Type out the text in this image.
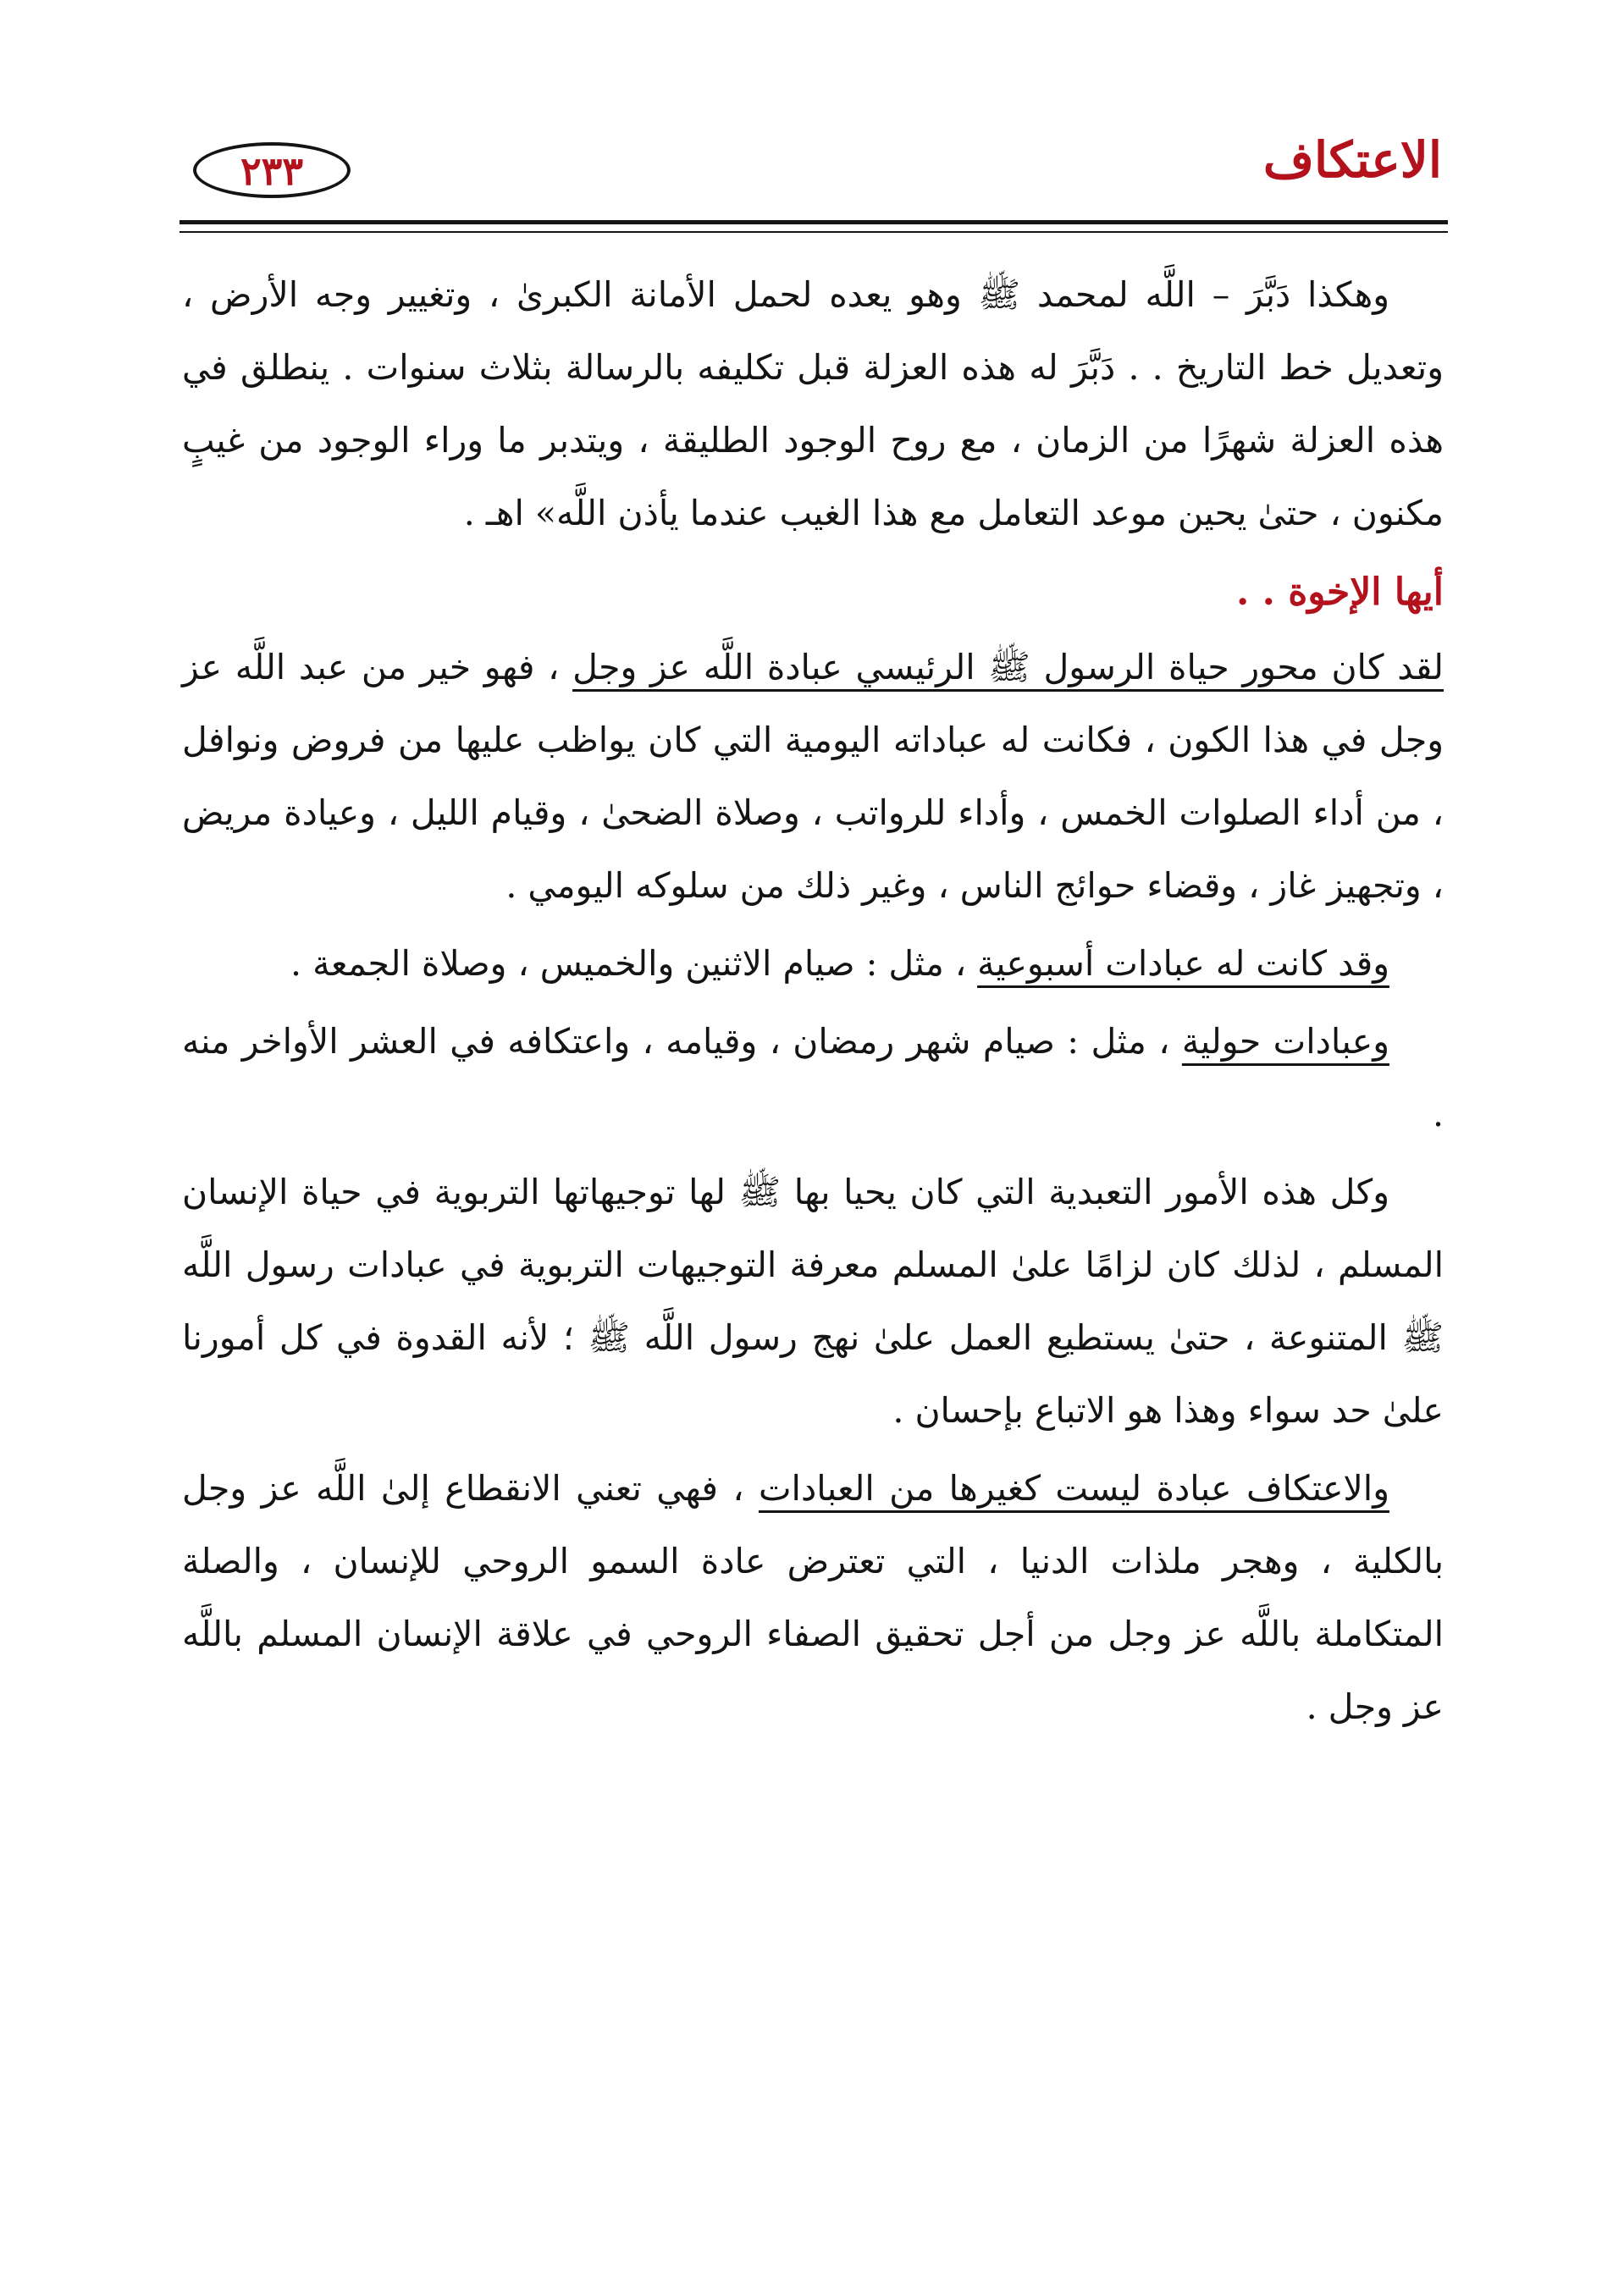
الاعتكاف
٢٣٣

وهكذا دَبَّرَ – اللَّه لمحمد ﷺ وهو يعده لحمل الأمانة الكبرىٰ ، وتغيير وجه الأرض ، وتعديل خط التاريخ . . دَبَّرَ له هذه العزلة قبل تكليفه بالرسالة بثلاث سنوات . ينطلق في هذه العزلة شهرًا من الزمان ، مع روح الوجود الطليقة ، ويتدبر ما وراء الوجود من غيبٍ مكنون ، حتىٰ يحين موعد التعامل مع هذا الغيب عندما يأذن اللَّه» اهـ .

أيها الإخوة . .

لقد كان محور حياة الرسول ﷺ الرئيسي عبادة اللَّه عز وجل ، فهو خير من عبد اللَّه عز وجل في هذا الكون ، فكانت له عباداته اليومية التي كان يواظب عليها من فروض ونوافل ، من أداء الصلوات الخمس ، وأداء للرواتب ، وصلاة الضحىٰ ، وقيام الليل ، وعيادة مريض ، وتجهيز غاز ، وقضاء حوائج الناس ، وغير ذلك من سلوكه اليومي .

وقد كانت له عبادات أسبوعية ، مثل : صيام الاثنين والخميس ، وصلاة الجمعة .

وعبادات حولية ، مثل : صيام شهر رمضان ، وقيامه ، واعتكافه في العشر الأواخر منه .

وكل هذه الأمور التعبدية التي كان يحيا بها ﷺ لها توجيهاتها التربوية في حياة الإنسان المسلم ، لذلك كان لزامًا علىٰ المسلم معرفة التوجيهات التربوية في عبادات رسول اللَّه ﷺ المتنوعة ، حتىٰ يستطيع العمل علىٰ نهج رسول اللَّه ﷺ ؛ لأنه القدوة في كل أمورنا علىٰ حد سواء وهذا هو الاتباع بإحسان .

والاعتكاف عبادة ليست كغيرها من العبادات ، فهي تعني الانقطاع إلىٰ اللَّه عز وجل بالكلية ، وهجر ملذات الدنيا ، التي تعترض عادة السمو الروحي للإنسان ، والصلة المتكاملة باللَّه عز وجل من أجل تحقيق الصفاء الروحي في علاقة الإنسان المسلم باللَّه عز وجل .
